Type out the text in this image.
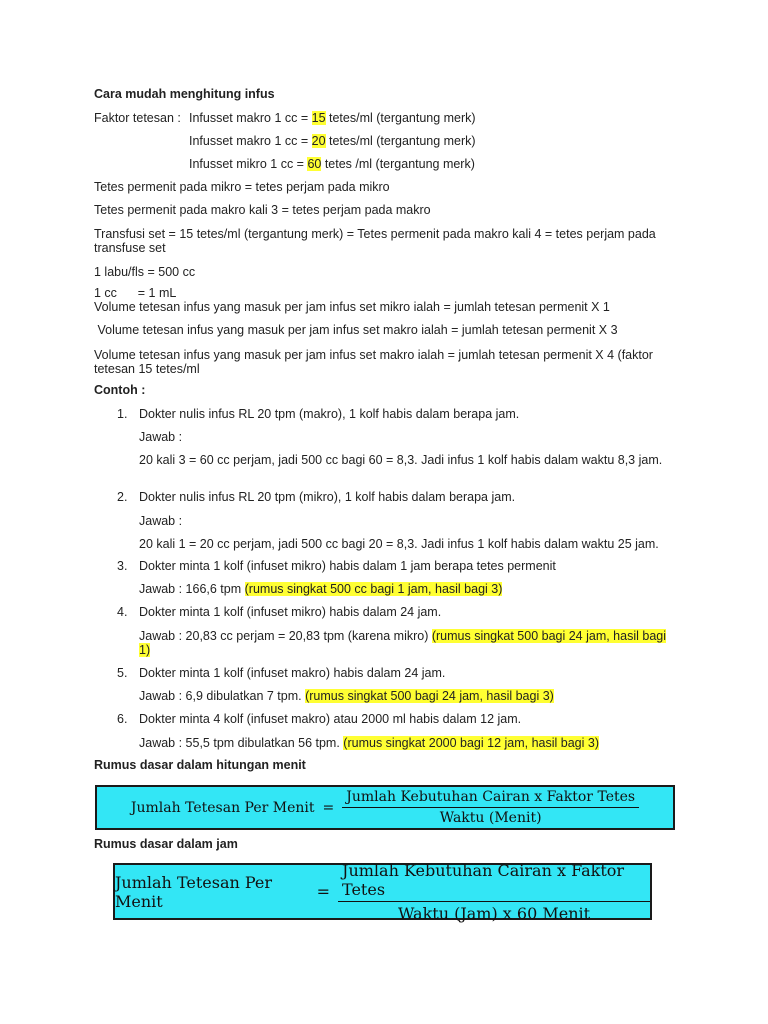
Cara mudah menghitung infus
Faktor tetesan : Infusset makro 1 cc = 15 tetes/ml (tergantung merk)
Infusset makro 1 cc = 20 tetes/ml (tergantung merk)
Infusset mikro 1 cc = 60 tetes /ml (tergantung merk)
Tetes permenit pada mikro = tetes perjam pada mikro
Tetes permenit pada makro kali 3 = tetes perjam pada makro
Transfusi set = 15 tetes/ml (tergantung merk) = Tetes permenit pada makro kali 4 = tetes perjam pada transfuse set
1 labu/fls = 500 cc
1 cc      = 1 mL
Volume tetesan infus yang masuk per jam infus set mikro ialah = jumlah tetesan permenit X 1
Volume tetesan infus yang masuk per jam infus set makro ialah = jumlah tetesan permenit X 3
Volume tetesan infus yang masuk per jam infus set makro ialah = jumlah tetesan permenit X 4 (faktor tetesan 15 tetes/ml
Contoh :
1. Dokter nulis infus RL 20 tpm (makro), 1 kolf habis dalam berapa jam.
Jawab :
20 kali 3 = 60 cc perjam, jadi 500 cc bagi 60 = 8,3. Jadi infus 1 kolf habis dalam waktu 8,3 jam.
2. Dokter nulis infus RL 20 tpm (mikro), 1 kolf habis dalam berapa jam.
Jawab :
20 kali 1 = 20 cc perjam, jadi 500 cc bagi 20 = 8,3. Jadi infus 1 kolf habis dalam waktu 25 jam.
3. Dokter minta 1 kolf (infuset mikro) habis dalam 1 jam berapa tetes permenit
Jawab : 166,6 tpm (rumus singkat 500 cc bagi 1 jam, hasil bagi 3)
4. Dokter minta 1 kolf (infuset mikro) habis dalam 24 jam.
Jawab : 20,83 cc perjam = 20,83 tpm (karena mikro) (rumus singkat 500 bagi 24 jam, hasil bagi 1)
5. Dokter minta 1 kolf (infuset makro) habis dalam 24 jam.
Jawab : 6,9 dibulatkan 7 tpm. (rumus singkat 500 bagi 24 jam, hasil bagi 3)
6. Dokter minta 4 kolf (infuset makro) atau 2000 ml habis dalam 12 jam.
Jawab : 55,5 tpm dibulatkan 56 tpm. (rumus singkat 2000 bagi 12 jam, hasil bagi 3)
Rumus dasar dalam hitungan menit
Jumlah Tetesan Per Menit = $\frac{\text{Jumlah Kebutuhan Cairan x Faktor Tetes}}{\text{Waktu (Menit)}}$
Rumus dasar dalam jam
Jumlah Tetesan Per Menit	= $\frac{\text{Jumlah Kebutuhan Cairan x Faktor Tetes}}{\text{Waktu (Jam) x 60 Menit}}$
